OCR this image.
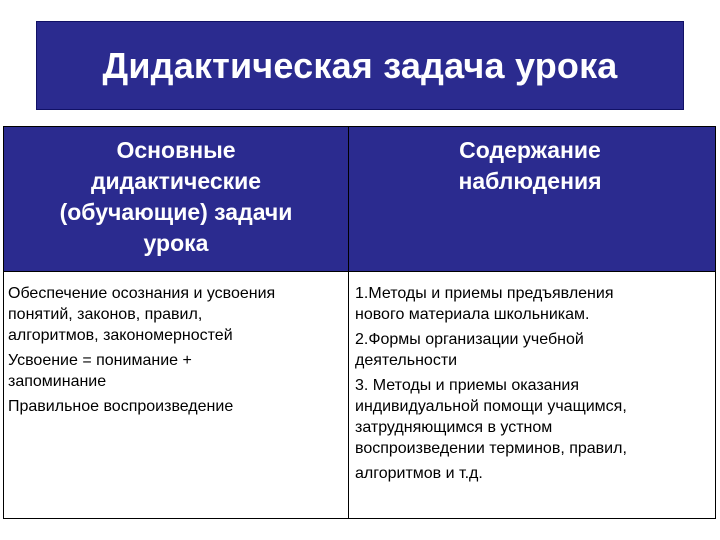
Дидактическая задача урока
Основные
дидактические
(обучающие) задачи
урока
Содержание
наблюдения
Обеспечение осознания и усвоения
понятий, законов, правил,
алгоритмов, закономерностей
Усвоение = понимание +
запоминание
Правильное воспроизведение
1.Методы и приемы предъявления
нового материала школьникам.
2.Формы организации учебной
деятельности
3. Методы и приемы оказания
индивидуальной помощи учащимся,
затрудняющимся в устном
воспроизведении терминов, правил,
алгоритмов и т.д.
